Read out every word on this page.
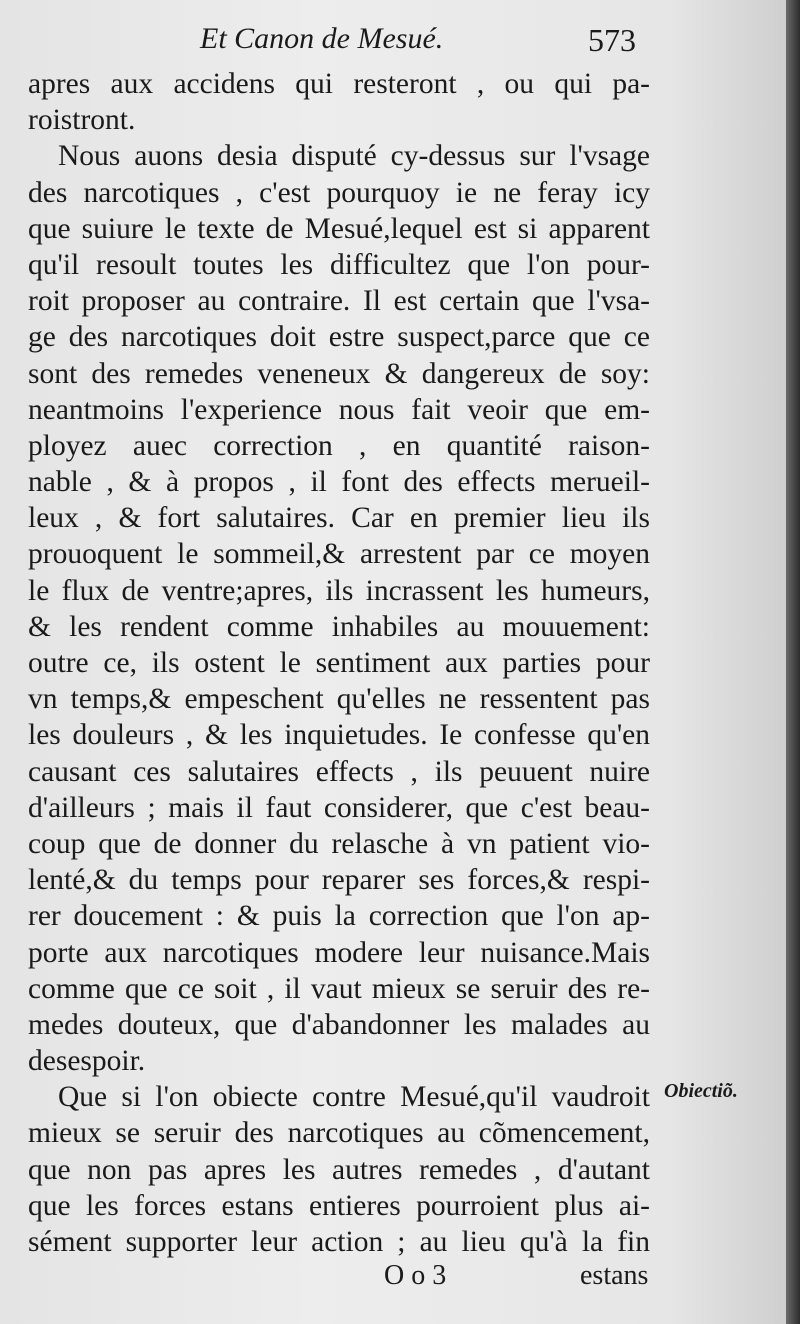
Et Canon de Mesué.	573
apres aux accidens qui resteront , ou qui pa-
roistront.
Nous auons desia disputé cy-dessus sur l'vsage
des narcotiques , c'est pourquoy ie ne feray icy
que suiure le texte de Mesué,lequel est si apparent
qu'il resoult toutes les difficultez que l'on pour-
roit proposer au contraire. Il est certain que l'vsa-
ge des narcotiques doit estre suspect,parce que ce
sont des remedes veneneux & dangereux de soy:
neantmoins l'experience nous fait veoir que em-
ployez auec correction , en quantité raison-
nable , & à propos , il font des effects merueil-
leux , & fort salutaires. Car en premier lieu ils
prouoquent le sommeil,& arrestent par ce moyen
le flux de ventre;apres, ils incrassent les humeurs,
& les rendent comme inhabiles au mouuement:
outre ce, ils ostent le sentiment aux parties pour
vn temps,& empeschent qu'elles ne ressentent pas
les douleurs , & les inquietudes. Ie confesse qu'en
causant ces salutaires effects , ils peuuent nuire
d'ailleurs ; mais il faut considerer, que c'est beau-
coup que de donner du relasche à vn patient vio-
lenté,& du temps pour reparer ses forces,& respi-
rer doucement : & puis la correction que l'on ap-
porte aux narcotiques modere leur nuisance.Mais
comme que ce soit , il vaut mieux se seruir des re-
medes douteux, que d'abandonner les malades au
desespoir.
Que si l'on obiecte contre Mesué,qu'il vaudroit
mieux se seruir des narcotiques au cõmencement,
que non pas apres les autres remedes , d'autant
que les forces estans entieres pourroient plus ai-
sément supporter leur action ; au lieu qu'à la fin
Obiectiõ.
O o 3	estans
